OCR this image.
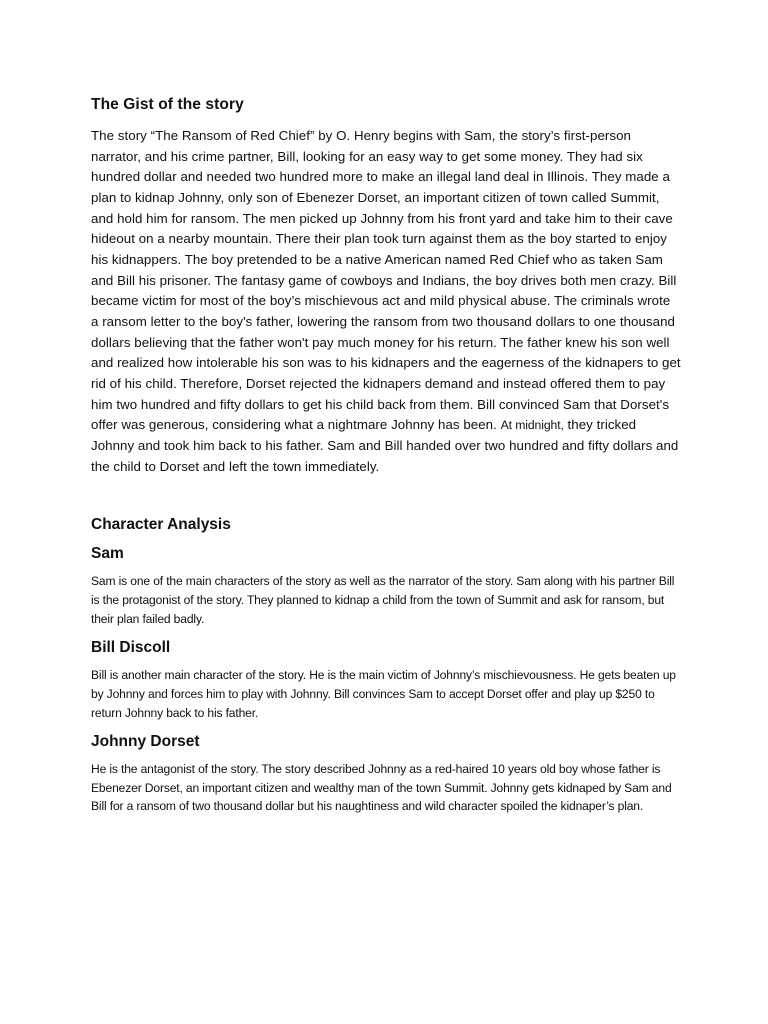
The Gist of the story

The story “The Ransom of Red Chief” by O. Henry begins with Sam, the story’s first-person narrator, and his crime partner, Bill, looking for an easy way to get some money. They had six hundred dollar and needed two hundred more to make an illegal land deal in Illinois. They made a plan to kidnap Johnny, only son of Ebenezer Dorset, an important citizen of town called Summit, and hold him for ransom. The men picked up Johnny from his front yard and take him to their cave hideout on a nearby mountain. There their plan took turn against them as the boy started to enjoy his kidnappers. The boy pretended to be a native American named Red Chief who as taken Sam and Bill his prisoner. The fantasy game of cowboys and Indians, the boy drives both men crazy. Bill became victim for most of the boy’s mischievous act and mild physical abuse. The criminals wrote a ransom letter to the boy's father, lowering the ransom from two thousand dollars to one thousand dollars believing that the father won't pay much money for his return. The father knew his son well and realized how intolerable his son was to his kidnapers and the eagerness of the kidnapers to get rid of his child. Therefore, Dorset rejected the kidnapers demand and instead offered them to pay him two hundred and fifty dollars to get his child back from them. Bill convinced Sam that Dorset's offer was generous, considering what a nightmare Johnny has been. At midnight, they tricked Johnny and took him back to his father. Sam and Bill handed over two hundred and fifty dollars and the child to Dorset and left the town immediately.

Character Analysis
Sam

Sam is one of the main characters of the story as well as the narrator of the story. Sam along with his partner Bill is the protagonist of the story. They planned to kidnap a child from the town of Summit and ask for ransom, but their plan failed badly.

Bill Discoll

Bill is another main character of the story. He is the main victim of Johnny’s mischievousness. He gets beaten up by Johnny and forces him to play with Johnny. Bill convinces Sam to accept Dorset offer and play up $250 to return Johnny back to his father.

Johnny Dorset

He is the antagonist of the story. The story described Johnny as a red-haired 10 years old boy whose father is Ebenezer Dorset, an important citizen and wealthy man of the town Summit. Johnny gets kidnaped by Sam and Bill for a ransom of two thousand dollar but his naughtiness and wild character spoiled the kidnaper’s plan.
